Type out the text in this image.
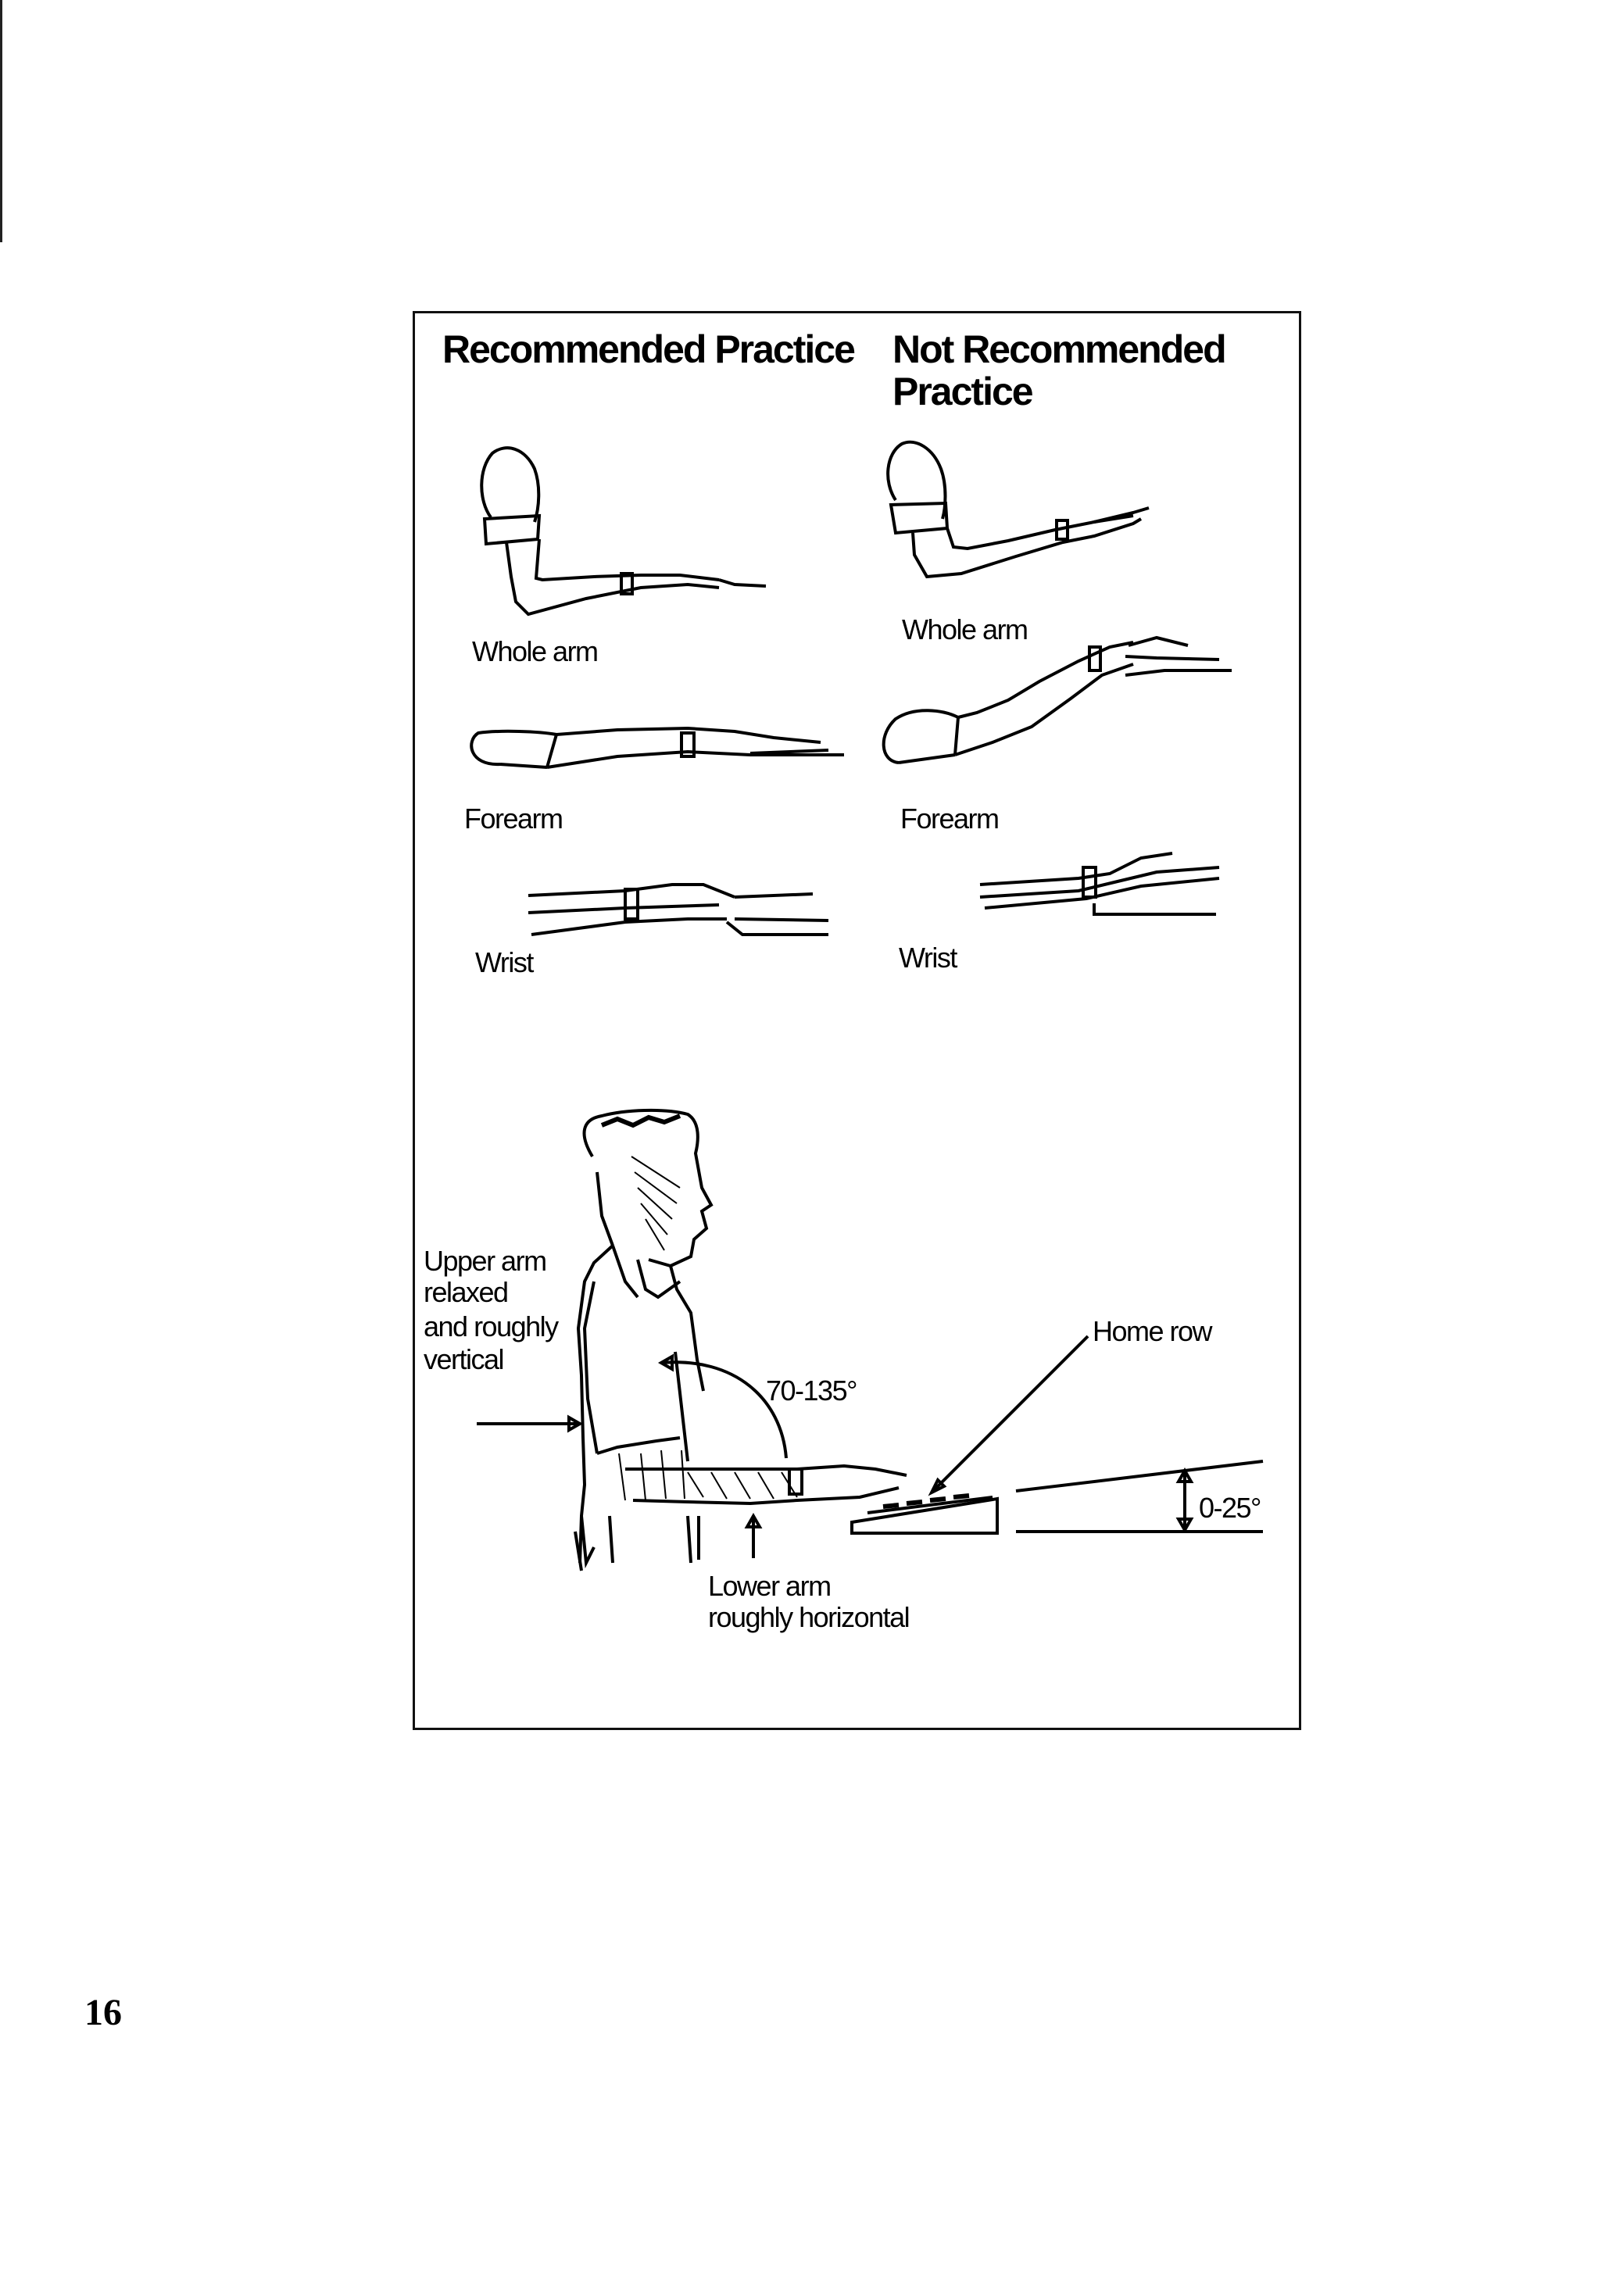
Recommended Practice Not Recommended
Practice
Whole arm
Forearm
Wrist
Whole arm
Forearm
Wrist
Upper arm
relaxed
and roughly
vertical
70-135°
Home row
0-25°
Lower arm
roughly horizontal
16
